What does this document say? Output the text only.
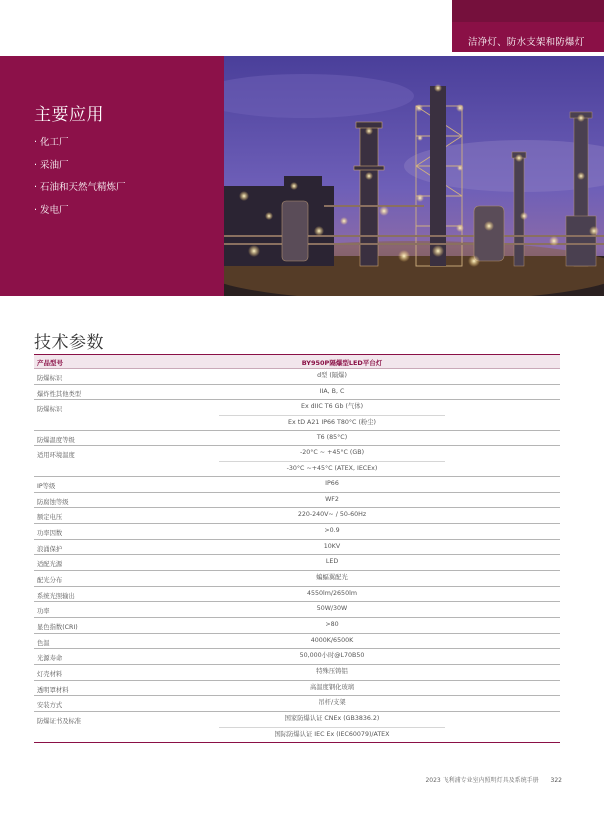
洁净灯、防水支架和防爆灯
主要应用
· 化工厂
· 采油厂
· 石油和天然气精炼厂
· 发电厂
技术参数
产品型号	BY950P隔爆型LED平台灯
防爆标识	d型 (隔爆)
爆炸性其他类型	IIA, B, C
防爆标识	Ex dIIC T6 Gb (气体)
Ex tD A21 IP66 T80°C (粉尘)
防爆温度等级	T6 (85°C)
适用环境温度	-20°C ~ +45°C (GB)
-30°C ~+45°C (ATEX, IECEx)
IP等级	IP66
防腐蚀等级	WF2
额定电压	220-240V~ / 50-60Hz
功率因数	>0.9
浪涌保护	10KV
适配光源	LED
配光分布	蝙蝠翼配光
系统光照输出	4550lm/2650lm
功率	50W/30W
显色指数(CRI)	>80
色温	4000K/6500K
光源寿命	50,000小时@L70B50
灯壳材料	特殊压铸铝
透明罩材料	高温度钢化玻璃
安装方式	吊杆/支架
防爆证书及标准	国家防爆认证 CNEx (GB3836.2)
国际防爆认证 IEC Ex (IEC60079)/ATEX
2023 飞利浦专业室内照明灯具及系统手册 322
